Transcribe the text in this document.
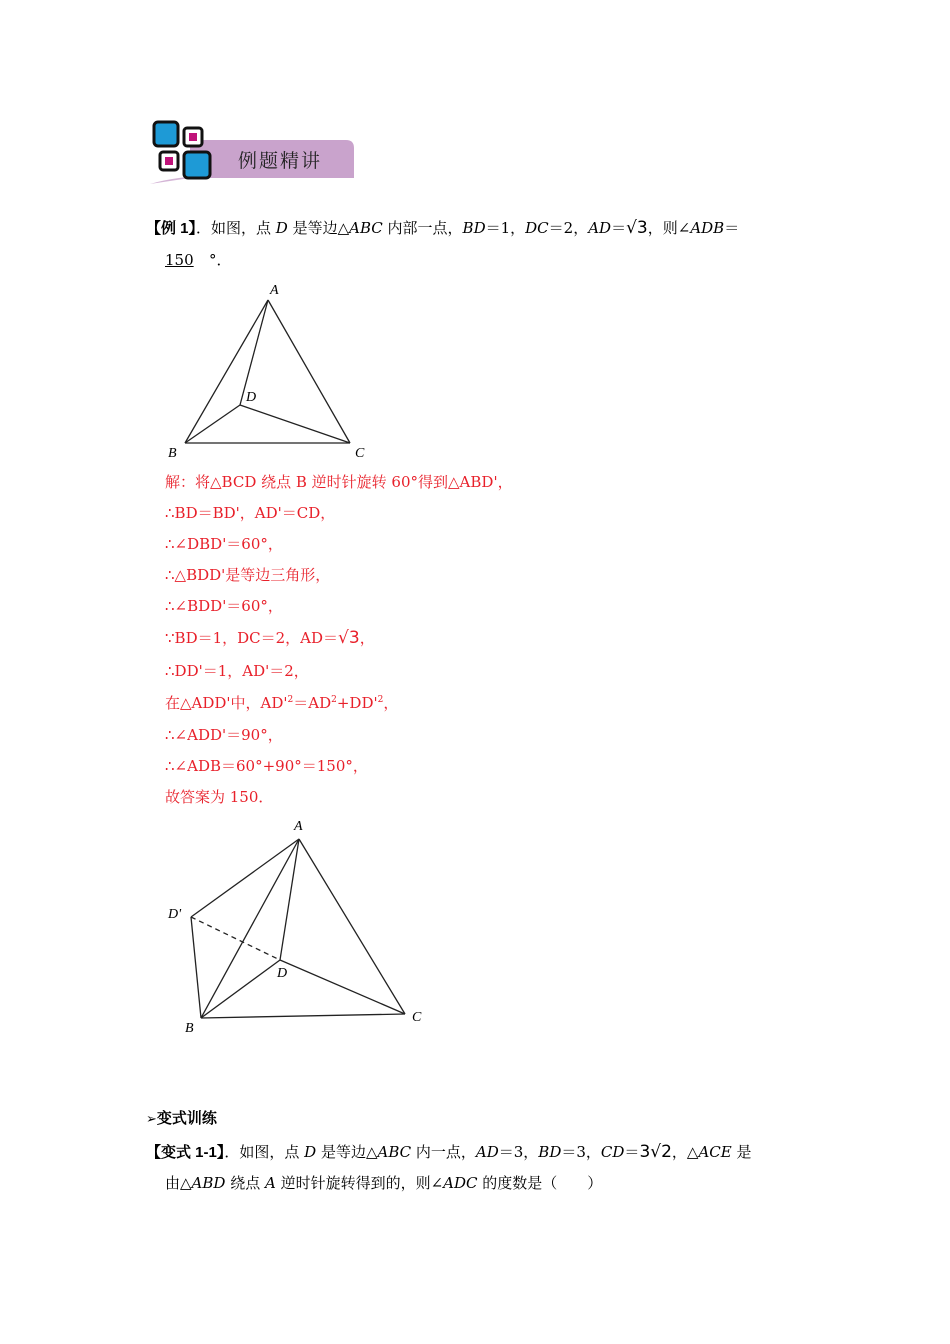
例题精讲
【例 1】．如图，点 D 是等边△ABC 内部一点，BD＝1，DC＝2，AD＝√3，则∠ADB＝
150 °．
A
B	C
D
解：将△BCD 绕点 B 逆时针旋转 60°得到△ABD'，
∴BD＝BD'，AD'＝CD，
∴∠DBD'＝60°，
∴△BDD'是等边三角形，
∴∠BDD'＝60°，
∵BD＝1，DC＝2，AD＝√3，
∴DD'＝1，AD'＝2，
在△ADD'中，$AD'^2=AD^2+DD'^2$，
∴∠ADD'＝90°，
∴∠ADB＝60°+90°＝150°，
故答案为 150．
A
B
C
D
D'
➢变式训练
【变式 1-1】．如图，点 D 是等边△ABC 内一点，AD＝3，BD＝3，CD＝3√2，△ACE 是
由△ABD 绕点 A 逆时针旋转得到的，则∠ADC 的度数是（　　）
